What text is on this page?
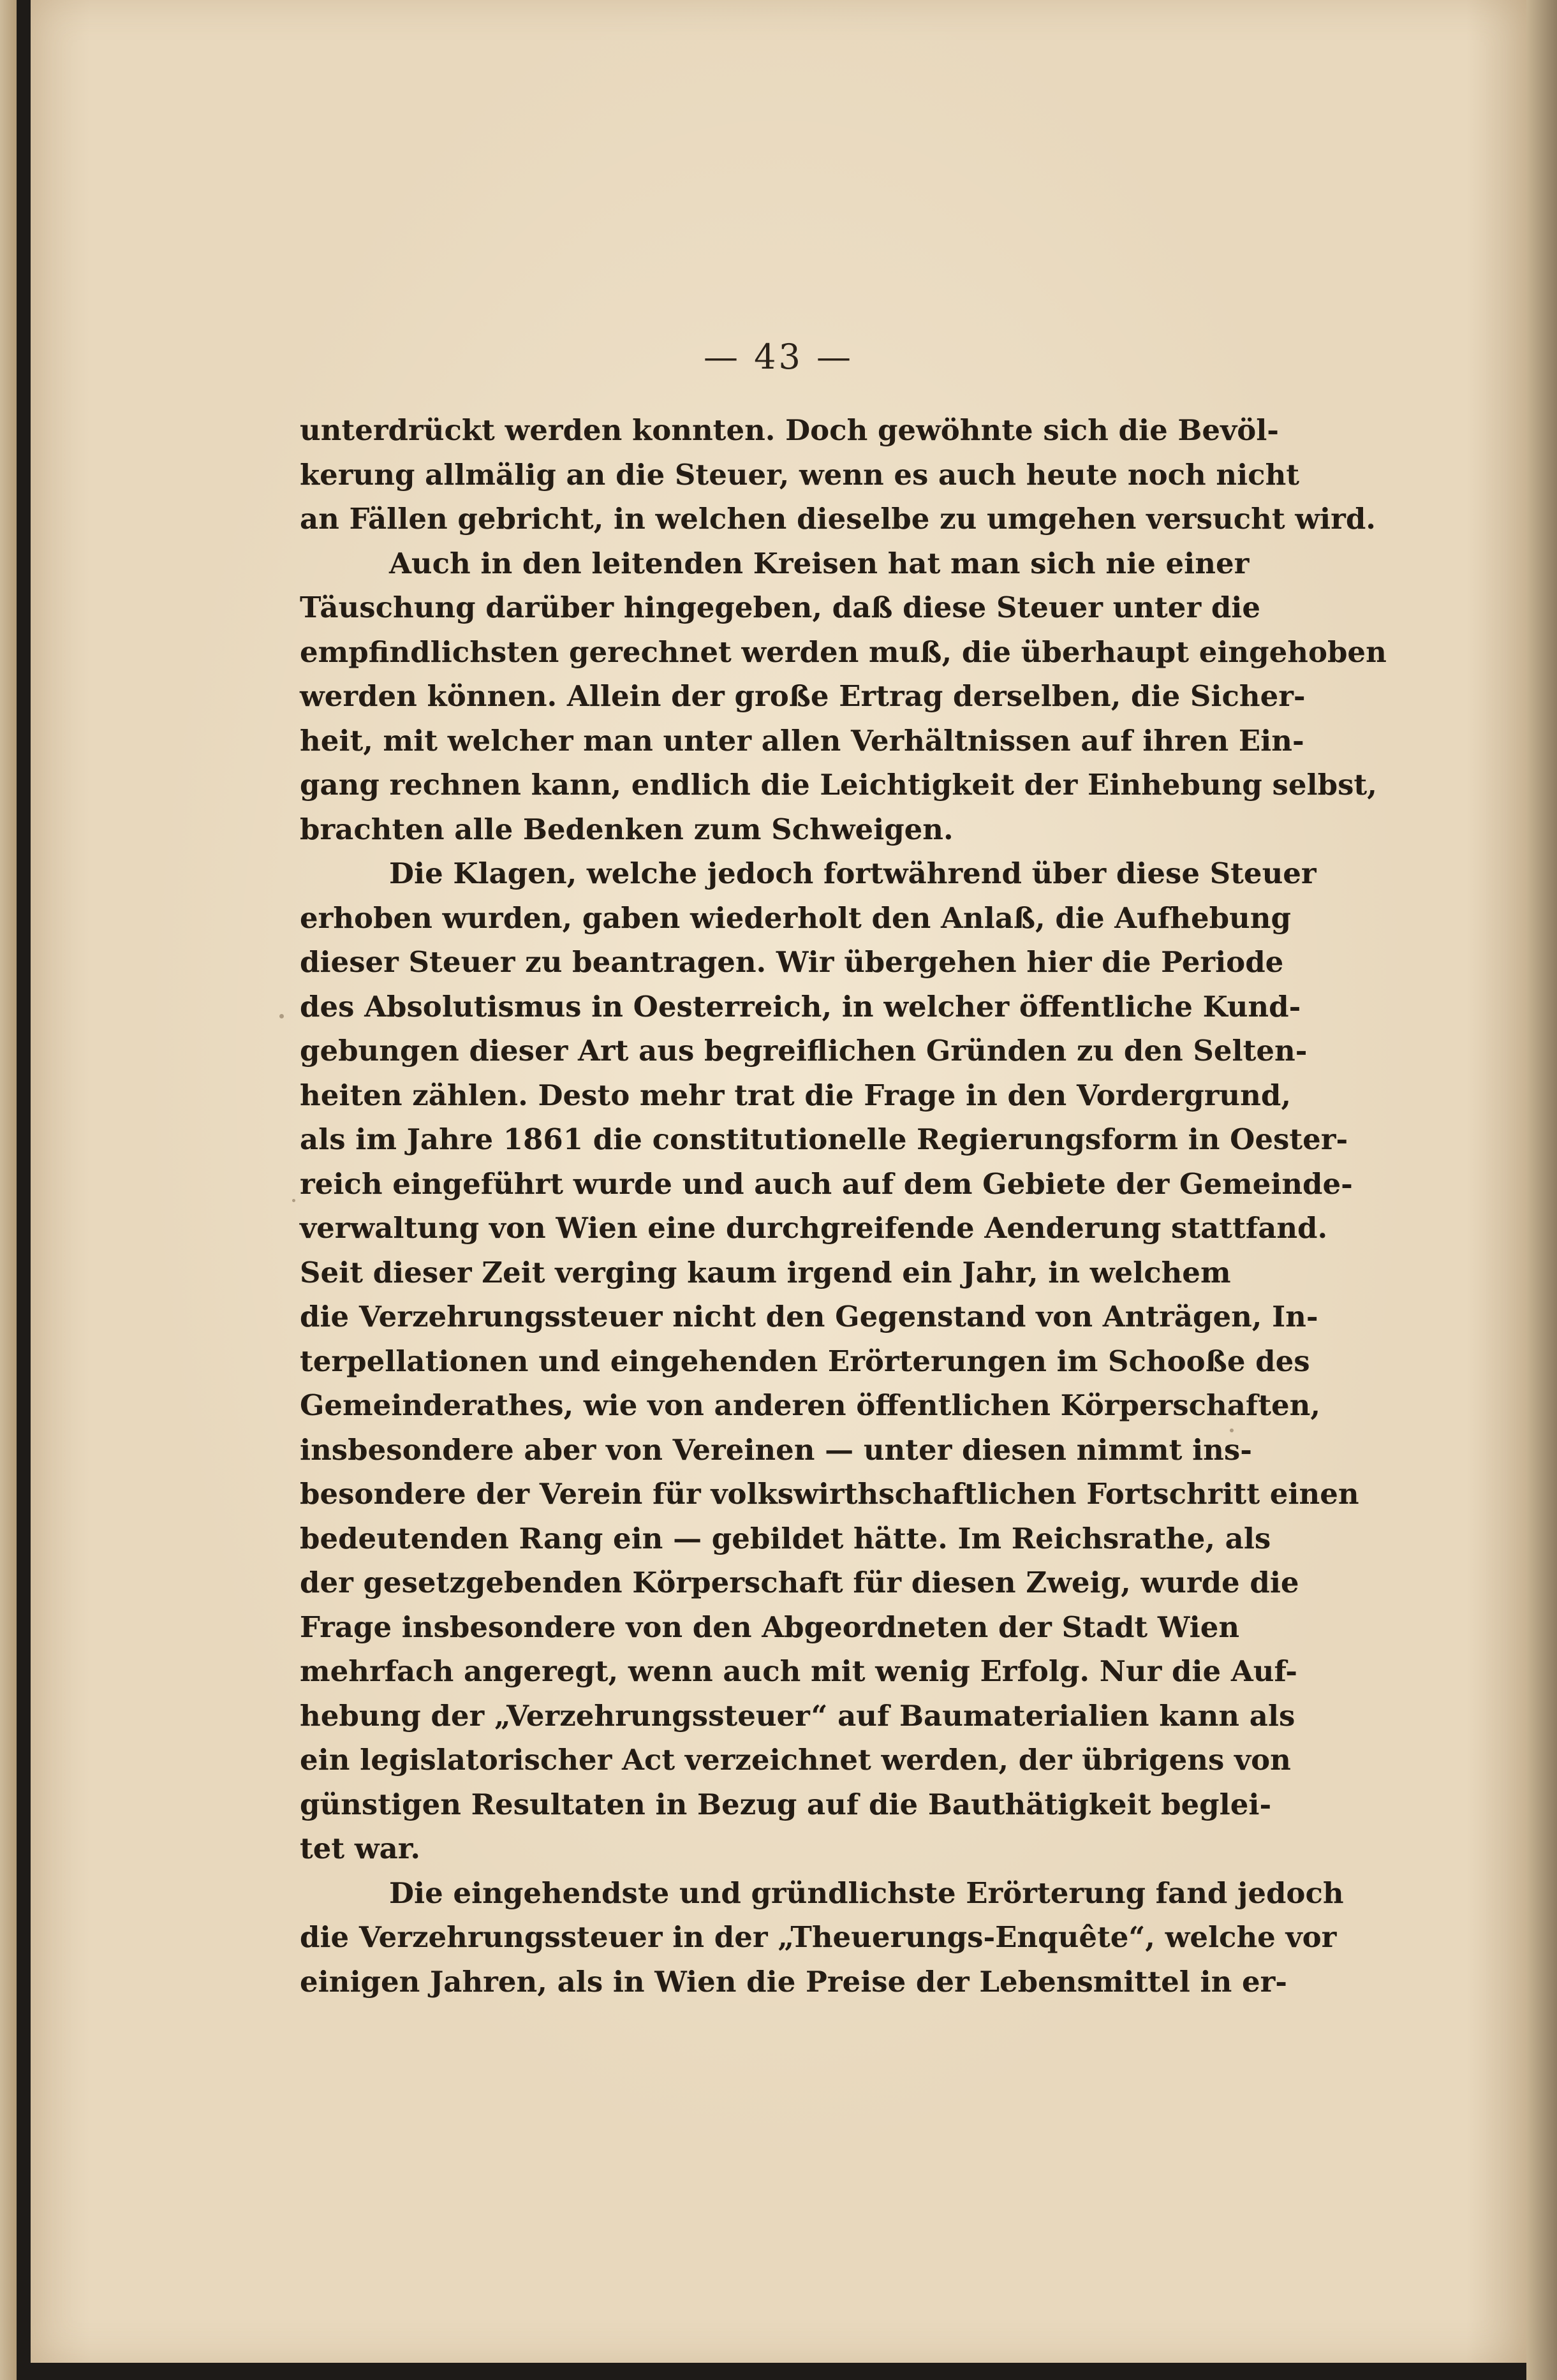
— 43 —
unterdrückt werden konnten. Doch gewöhnte sich die Bevöl-
kerung allmälig an die Steuer, wenn es auch heute noch nicht
an Fällen gebricht, in welchen dieselbe zu umgehen versucht wird.
Auch in den leitenden Kreisen hat man sich nie einer
Täuschung darüber hingegeben, daß diese Steuer unter die
empfindlichsten gerechnet werden muß, die überhaupt eingehoben
werden können. Allein der große Ertrag derselben, die Sicher-
heit, mit welcher man unter allen Verhältnissen auf ihren Ein-
gang rechnen kann, endlich die Leichtigkeit der Einhebung selbst,
brachten alle Bedenken zum Schweigen.
Die Klagen, welche jedoch fortwährend über diese Steuer
erhoben wurden, gaben wiederholt den Anlaß, die Aufhebung
dieser Steuer zu beantragen. Wir übergehen hier die Periode
des Absolutismus in Oesterreich, in welcher öffentliche Kund-
gebungen dieser Art aus begreiflichen Gründen zu den Selten-
heiten zählen. Desto mehr trat die Frage in den Vordergrund,
als im Jahre 1861 die constitutionelle Regierungsform in Oester-
reich eingeführt wurde und auch auf dem Gebiete der Gemeinde-
verwaltung von Wien eine durchgreifende Aenderung stattfand.
Seit dieser Zeit verging kaum irgend ein Jahr, in welchem
die Verzehrungssteuer nicht den Gegenstand von Anträgen, In-
terpellationen und eingehenden Erörterungen im Schooße des
Gemeinderathes, wie von anderen öffentlichen Körperschaften,
insbesondere aber von Vereinen — unter diesen nimmt ins-
besondere der Verein für volkswirthschaftlichen Fortschritt einen
bedeutenden Rang ein — gebildet hätte. Im Reichsrathe, als
der gesetzgebenden Körperschaft für diesen Zweig, wurde die
Frage insbesondere von den Abgeordneten der Stadt Wien
mehrfach angeregt, wenn auch mit wenig Erfolg. Nur die Auf-
hebung der „Verzehrungssteuer“ auf Baumaterialien kann als
ein legislatorischer Act verzeichnet werden, der übrigens von
günstigen Resultaten in Bezug auf die Bauthätigkeit beglei-
tet war.
Die eingehendste und gründlichste Erörterung fand jedoch
die Verzehrungssteuer in der „Theuerungs-Enquête“, welche vor
einigen Jahren, als in Wien die Preise der Lebensmittel in er-
